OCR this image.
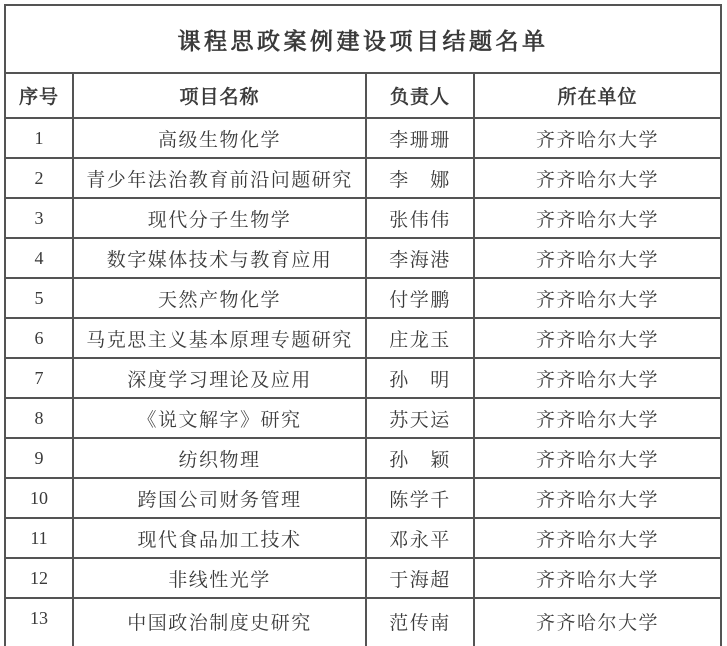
课程思政案例建设项目结题名单			
序号	项目名称	负责人	所在单位
1	高级生物化学	李珊珊	齐齐哈尔大学
2	青少年法治教育前沿问题研究	李　娜	齐齐哈尔大学
3	现代分子生物学	张伟伟	齐齐哈尔大学
4	数字媒体技术与教育应用	李海港	齐齐哈尔大学
5	天然产物化学	付学鹏	齐齐哈尔大学
6	马克思主义基本原理专题研究	庄龙玉	齐齐哈尔大学
7	深度学习理论及应用	孙　明	齐齐哈尔大学
8	《说文解字》研究	苏天运	齐齐哈尔大学
9	纺织物理	孙　颖	齐齐哈尔大学
10	跨国公司财务管理	陈学千	齐齐哈尔大学
11	现代食品加工技术	邓永平	齐齐哈尔大学
12	非线性光学	于海超	齐齐哈尔大学
13	中国政治制度史研究	范传南	齐齐哈尔大学
